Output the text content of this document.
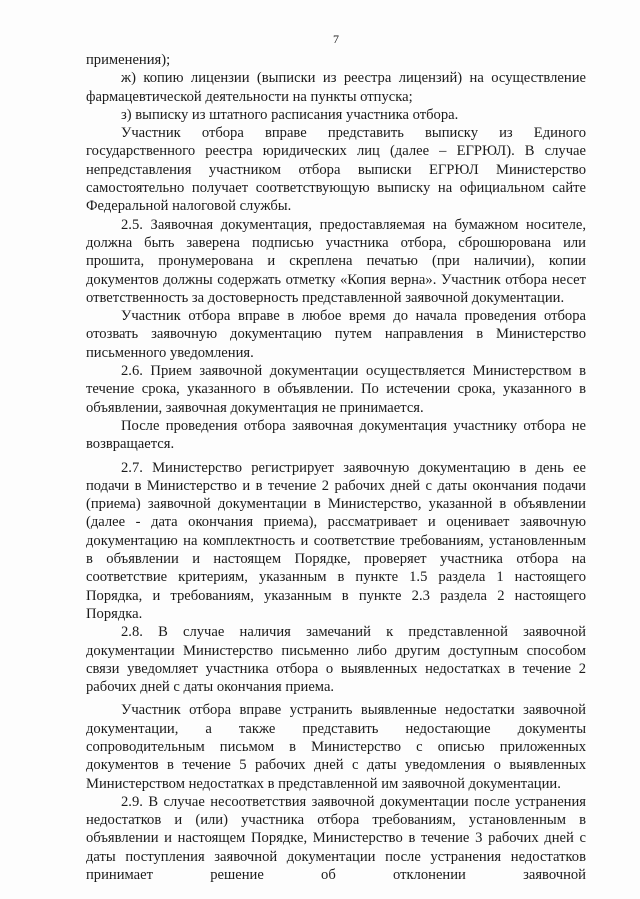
7

применения);

ж) копию лицензии (выписки из реестра лицензий) на осуществление фармацевтической деятельности на пункты отпуска;

з) выписку из штатного расписания участника отбора.

Участник отбора вправе представить выписку из Единого государственного реестра юридических лиц (далее – ЕГРЮЛ). В случае непредставления участником отбора выписки ЕГРЮЛ Министерство самостоятельно получает соответствующую выписку на официальном сайте Федеральной налоговой службы.

2.5. Заявочная документация, предоставляемая на бумажном носителе, должна быть заверена подписью участника отбора, сброшюрована или прошита, пронумерована и скреплена печатью (при наличии), копии документов должны содержать отметку «Копия верна». Участник отбора несет ответственность за достоверность представленной заявочной документации.

Участник отбора вправе в любое время до начала проведения отбора отозвать заявочную документацию путем направления в Министерство письменного уведомления.

2.6. Прием заявочной документации осуществляется Министерством в течение срока, указанного в объявлении. По истечении срока, указанного в объявлении, заявочная документация не принимается.

После проведения отбора заявочная документация участнику отбора не возвращается.

2.7. Министерство регистрирует заявочную документацию в день ее подачи в Министерство и в течение 2 рабочих дней с даты окончания подачи (приема) заявочной документации в Министерство, указанной в объявлении (далее - дата окончания приема), рассматривает и оценивает заявочную документацию на комплектность и соответствие требованиям, установленным в объявлении и настоящем Порядке, проверяет участника отбора на соответствие критериям, указанным в пункте 1.5 раздела 1 настоящего Порядка, и требованиям, указанным в пункте 2.3 раздела 2 настоящего Порядка.

2.8. В случае наличия замечаний к представленной заявочной документации Министерство письменно либо другим доступным способом связи уведомляет участника отбора о выявленных недостатках в течение 2 рабочих дней с даты окончания приема.

Участник отбора вправе устранить выявленные недостатки заявочной документации, а также представить недостающие документы сопроводительным письмом в Министерство с описью приложенных документов в течение 5 рабочих дней с даты уведомления о выявленных Министерством недостатках в представленной им заявочной документации.

2.9. В случае несоответствия заявочной документации после устранения недостатков и (или) участника отбора требованиям, установленным в объявлении и настоящем Порядке, Министерство в течение 3 рабочих дней с даты поступления заявочной документации после устранения недостатков принимает решение об отклонении заявочной
